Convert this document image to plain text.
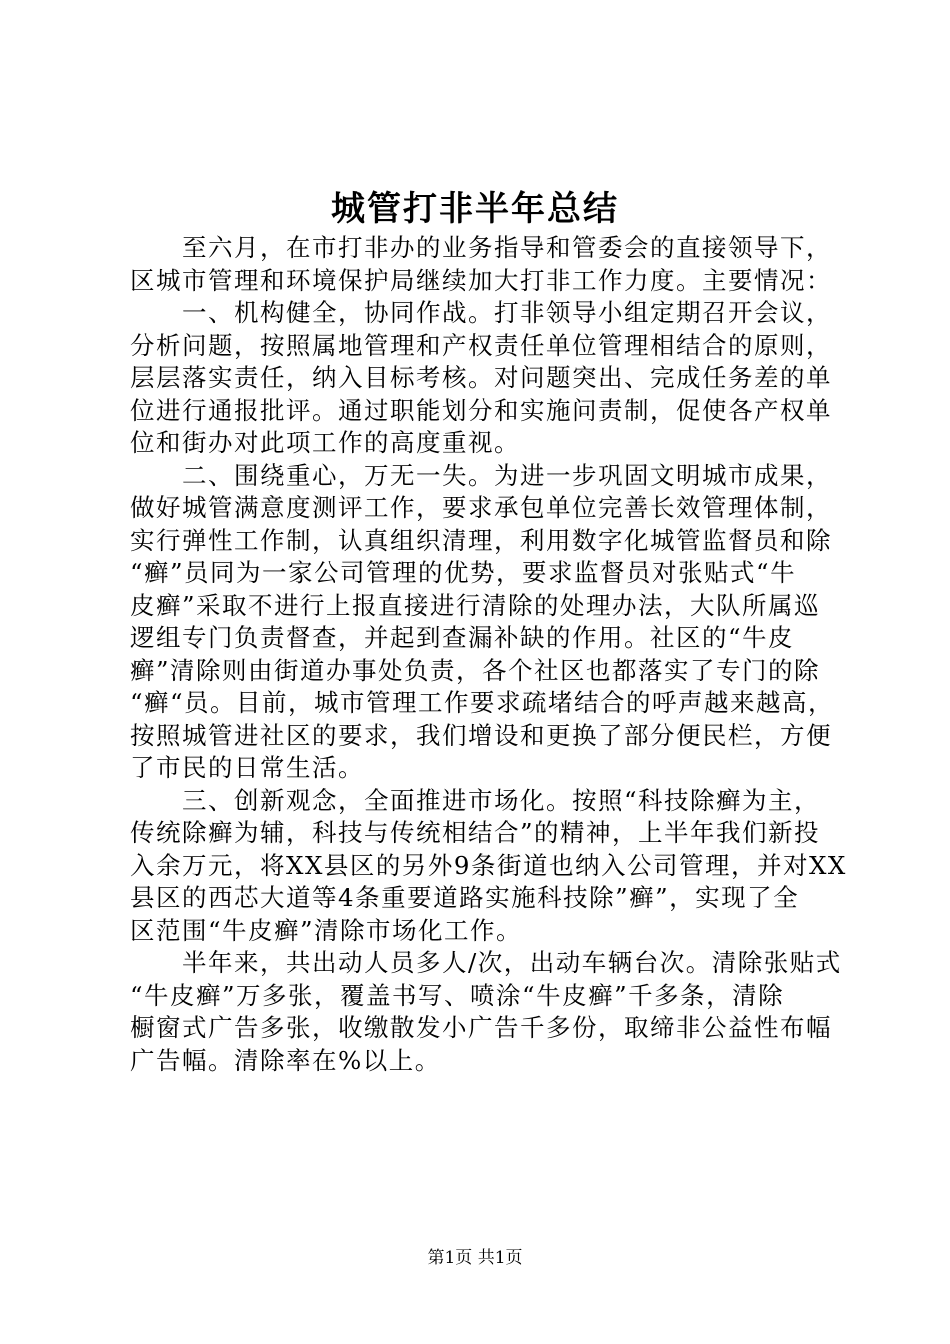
城管打非半年总结
　　至六月，在市打非办的业务指导和管委会的直接领导下，
区城市管理和环境保护局继续加大打非工作力度。主要情况：
　　一、机构健全，协同作战。打非领导小组定期召开会议，
分析问题，按照属地管理和产权责任单位管理相结合的原则，
层层落实责任，纳入目标考核。对问题突出、完成任务差的单
位进行通报批评。通过职能划分和实施问责制，促使各产权单
位和街办对此项工作的高度重视。
　　二、围绕重心，万无一失。为进一步巩固文明城市成果，
做好城管满意度测评工作，要求承包单位完善长效管理体制，
实行弹性工作制，认真组织清理，利用数字化城管监督员和除
“癣”员同为一家公司管理的优势，要求监督员对张贴式“牛
皮癣”采取不进行上报直接进行清除的处理办法，大队所属巡
逻组专门负责督查，并起到查漏补缺的作用。社区的“牛皮
癣”清除则由街道办事处负责，各个社区也都落实了专门的除
“癣“员。目前，城市管理工作要求疏堵结合的呼声越来越高，
按照城管进社区的要求，我们增设和更换了部分便民栏，方便
了市民的日常生活。
　　三、创新观念，全面推进市场化。按照“科技除癣为主，
传统除癣为辅，科技与传统相结合”的精神，上半年我们新投
入余万元，将XX县区的另外9条街道也纳入公司管理，并对XX
县区的西芯大道等4条重要道路实施科技除”癣”，实现了全
区范围“牛皮癣”清除市场化工作。
　　半年来，共出动人员多人/次，出动车辆台次。清除张贴式
“牛皮癣”万多张，覆盖书写、喷涂“牛皮癣”千多条，清除
橱窗式广告多张，收缴散发小广告千多份，取缔非公益性布幅
广告幅。清除率在%以上。
第1页 共1页
